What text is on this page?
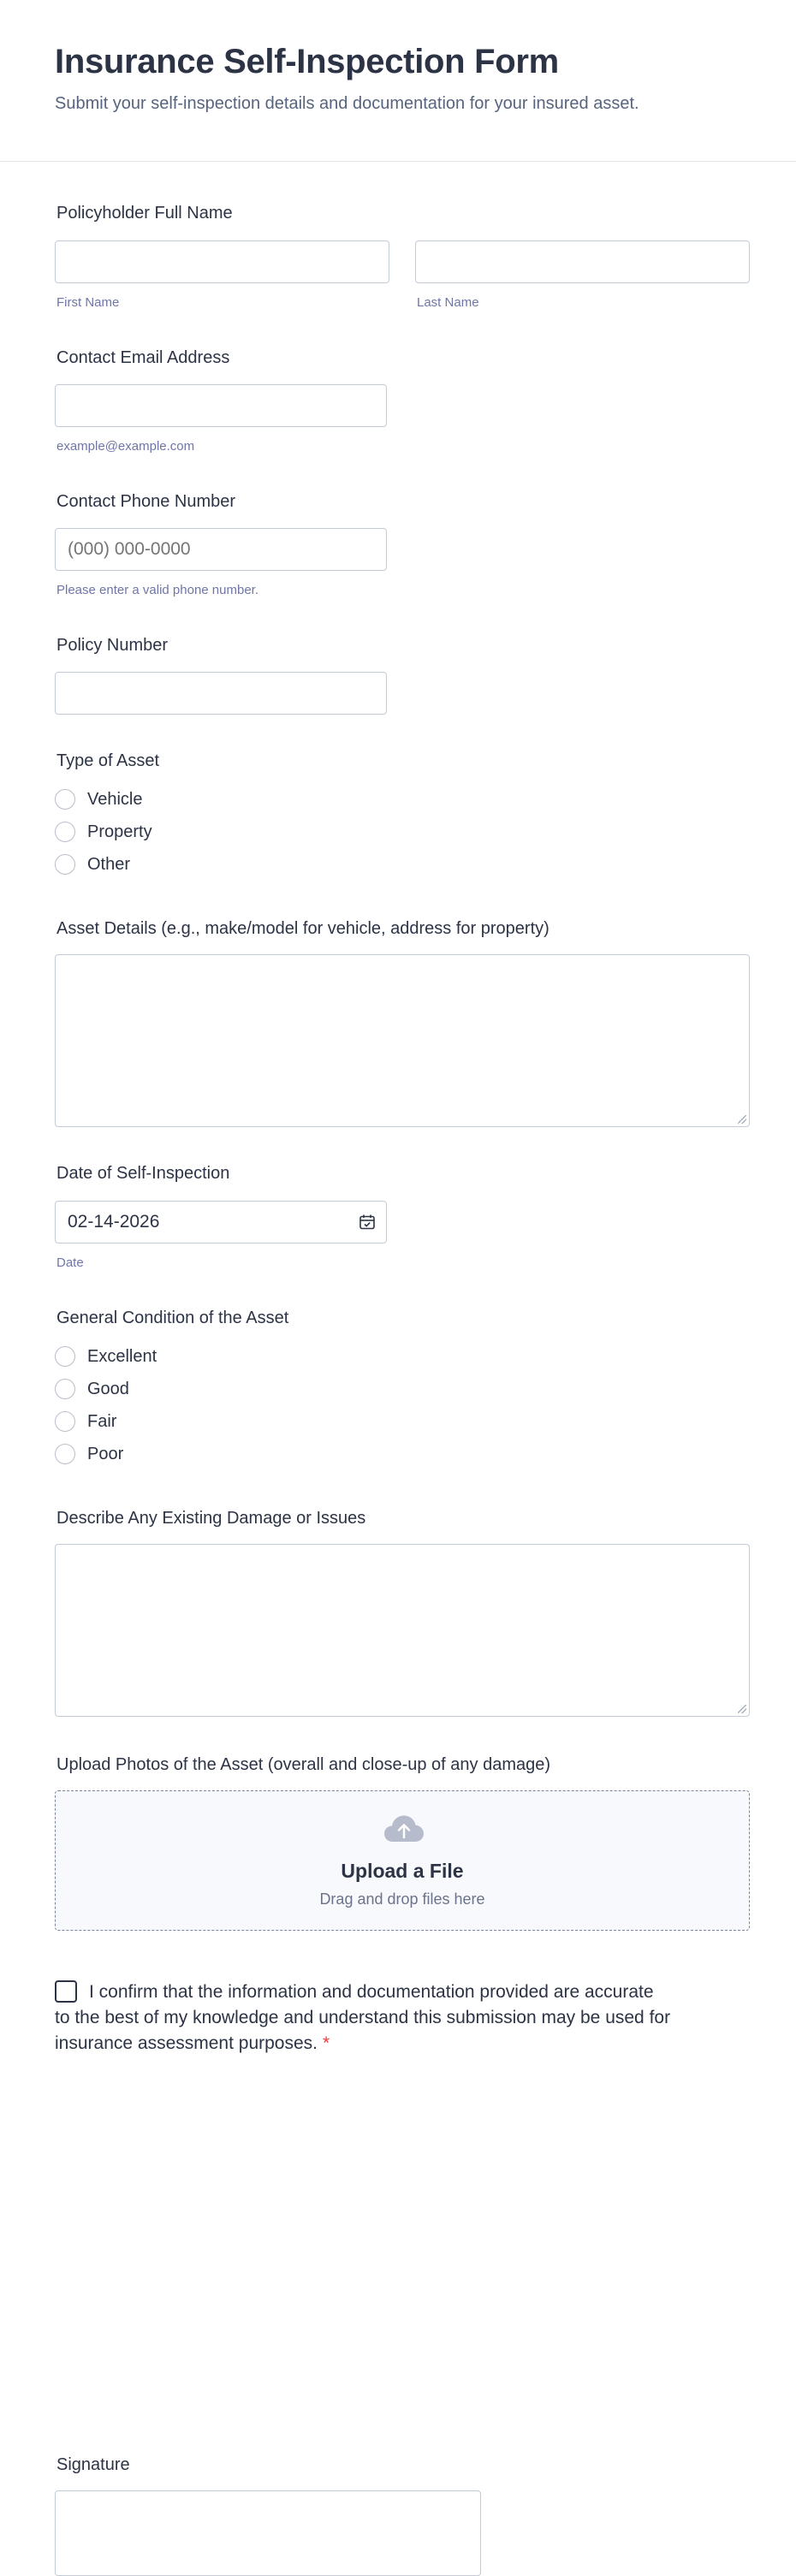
Insurance Self-Inspection Form
Submit your self-inspection details and documentation for your insured asset.
Policyholder Full Name
First Name	Last Name
Contact Email Address
example@example.com
Contact Phone Number
(000) 000-0000
Please enter a valid phone number.
Policy Number
Type of Asset
Vehicle
Property
Other
Asset Details (e.g., make/model for vehicle, address for property)
Date of Self-Inspection
02-14-2026
Date
General Condition of the Asset
Excellent
Good
Fair
Poor
Describe Any Existing Damage or Issues
Upload Photos of the Asset (overall and close-up of any damage)
Upload a File
Drag and drop files here
I confirm that the information and documentation provided are accurate to the best of my knowledge and understand this submission may be used for insurance assessment purposes. *
Signature
